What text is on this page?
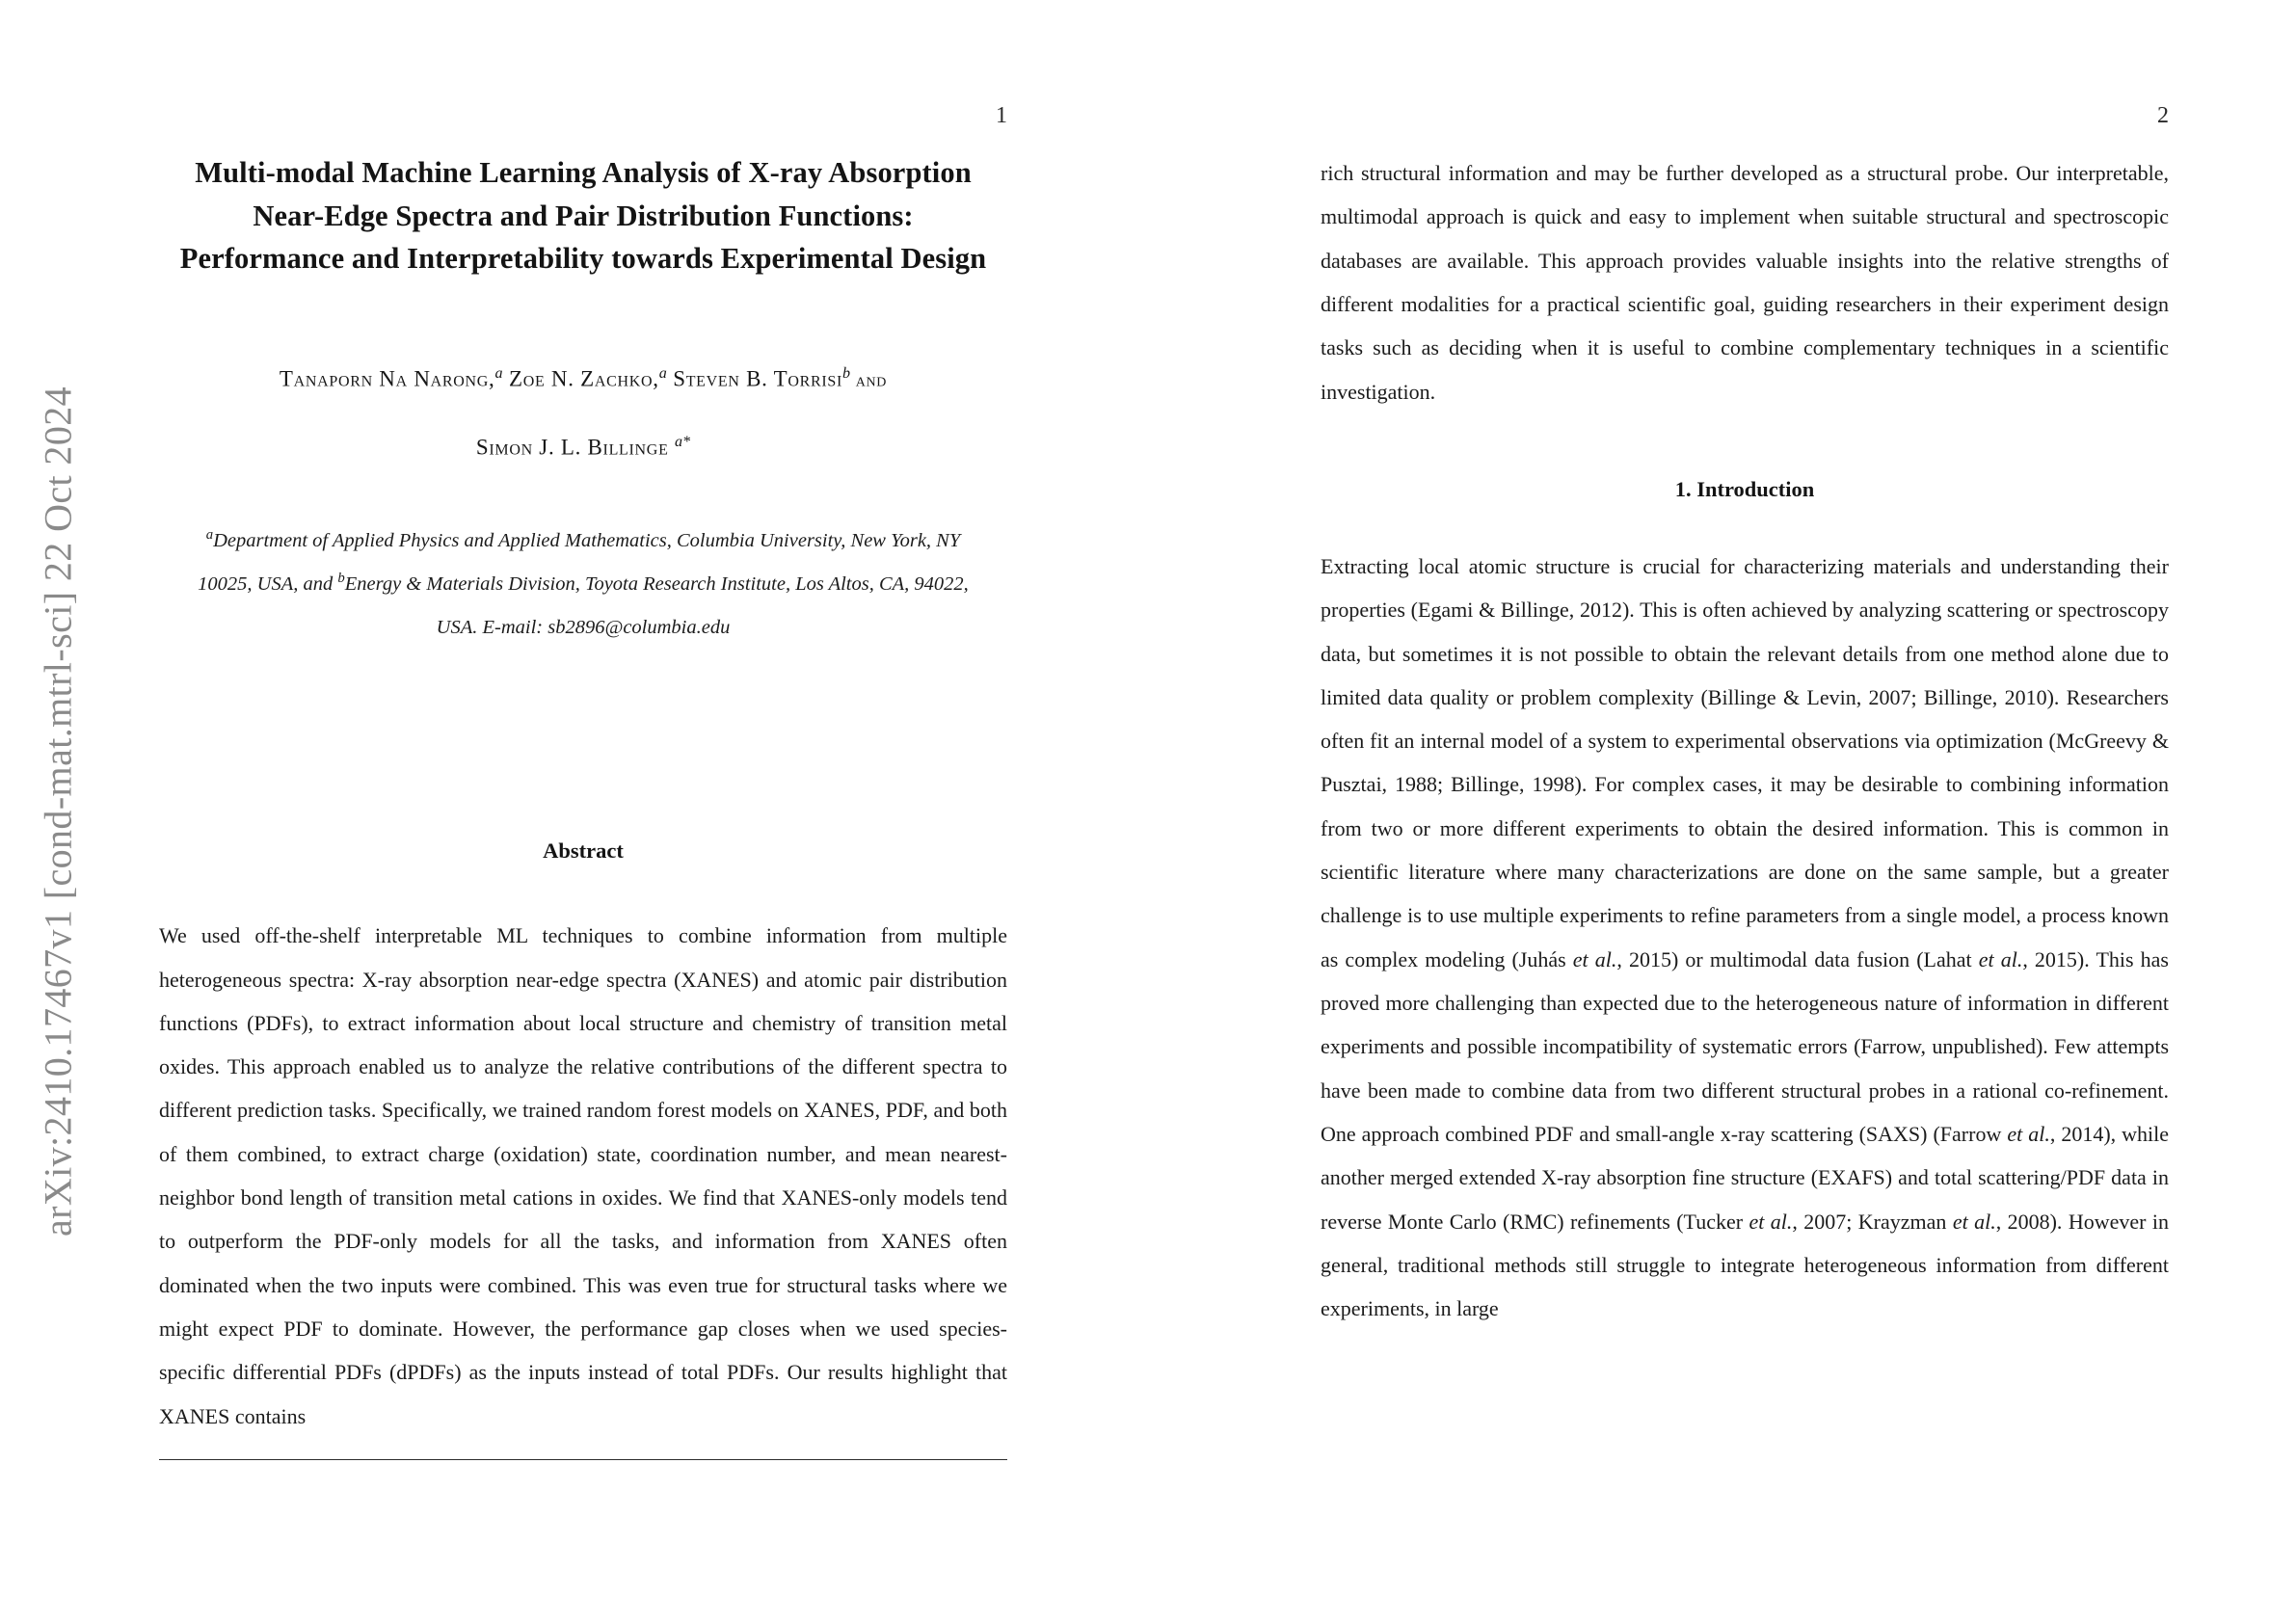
arXiv:2410.17467v1 [cond-mat.mtrl-sci] 22 Oct 2024
1
Multi-modal Machine Learning Analysis of X-ray Absorption Near-Edge Spectra and Pair Distribution Functions: Performance and Interpretability towards Experimental Design
Tanaporn Na Narong,$^a$ Zoe N. Zachko,$^a$ Steven B. Torrisi$^b$ and
Simon J. L. Billinge $^{a*}$
$^a$Department of Applied Physics and Applied Mathematics, Columbia University, New York, NY 10025, USA, and $^b$Energy & Materials Division, Toyota Research Institute, Los Altos, CA, 94022, USA. E-mail: sb2896@columbia.edu
Abstract

We used off-the-shelf interpretable ML techniques to combine information from multiple heterogeneous spectra: X-ray absorption near-edge spectra (XANES) and atomic pair distribution functions (PDFs), to extract information about local structure and chemistry of transition metal oxides. This approach enabled us to analyze the relative contributions of the different spectra to different prediction tasks. Specifically, we trained random forest models on XANES, PDF, and both of them combined, to extract charge (oxidation) state, coordination number, and mean nearest-neighbor bond length of transition metal cations in oxides. We find that XANES-only models tend to outperform the PDF-only models for all the tasks, and information from XANES often dominated when the two inputs were combined. This was even true for structural tasks where we might expect PDF to dominate. However, the performance gap closes when we used species-specific differential PDFs (dPDFs) as the inputs instead of total PDFs. Our results highlight that XANES contains

2

rich structural information and may be further developed as a structural probe. Our interpretable, multimodal approach is quick and easy to implement when suitable structural and spectroscopic databases are available. This approach provides valuable insights into the relative strengths of different modalities for a practical scientific goal, guiding researchers in their experiment design tasks such as deciding when it is useful to combine complementary techniques in a scientific investigation.

1. Introduction

Extracting local atomic structure is crucial for characterizing materials and understanding their properties (Egami & Billinge, 2012). This is often achieved by analyzing scattering or spectroscopy data, but sometimes it is not possible to obtain the relevant details from one method alone due to limited data quality or problem complexity (Billinge & Levin, 2007; Billinge, 2010). Researchers often fit an internal model of a system to experimental observations via optimization (McGreevy & Pusztai, 1988; Billinge, 1998). For complex cases, it may be desirable to combining information from two or more different experiments to obtain the desired information. This is common in scientific literature where many characterizations are done on the same sample, but a greater challenge is to use multiple experiments to refine parameters from a single model, a process known as complex modeling (Juhás et al., 2015) or multimodal data fusion (Lahat et al., 2015). This has proved more challenging than expected due to the heterogeneous nature of information in different experiments and possible incompatibility of systematic errors (Farrow, unpublished). Few attempts have been made to combine data from two different structural probes in a rational co-refinement. One approach combined PDF and small-angle x-ray scattering (SAXS) (Farrow et al., 2014), while another merged extended X-ray absorption fine structure (EXAFS) and total scattering/PDF data in reverse Monte Carlo (RMC) refinements (Tucker et al., 2007; Krayzman et al., 2008). However in general, traditional methods still struggle to integrate heterogeneous information from different experiments, in large
